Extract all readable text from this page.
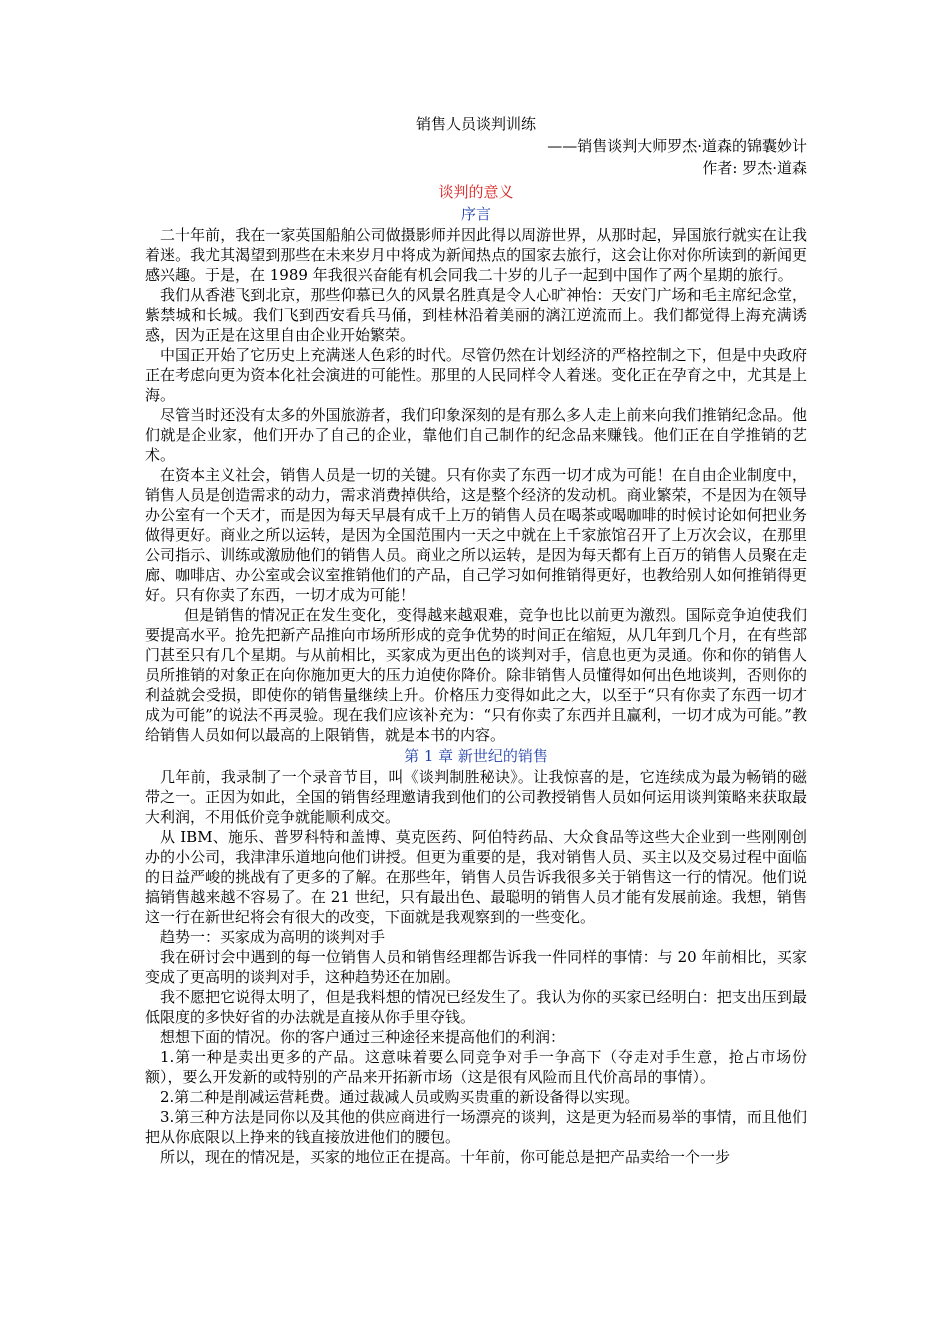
销售人员谈判训练

——销售谈判大师罗杰·道森的锦囊妙计

作者: 罗杰·道森

谈判的意义

序言

二十年前，我在一家英国船舶公司做摄影师并因此得以周游世界，从那时起，异国旅行就实在让我着迷。我尤其渴望到那些在未来岁月中将成为新闻热点的国家去旅行，这会让你对你所读到的新闻更感兴趣。于是，在 1989 年我很兴奋能有机会同我二十岁的儿子一起到中国作了两个星期的旅行。

我们从香港飞到北京，那些仰慕已久的风景名胜真是令人心旷神怡：天安门广场和毛主席纪念堂，紫禁城和长城。我们飞到西安看兵马俑，到桂林沿着美丽的漓江逆流而上。我们都觉得上海充满诱惑，因为正是在这里自由企业开始繁荣。

中国正开始了它历史上充满迷人色彩的时代。尽管仍然在计划经济的严格控制之下，但是中央政府正在考虑向更为资本化社会演进的可能性。那里的人民同样令人着迷。变化正在孕育之中，尤其是上海。

尽管当时还没有太多的外国旅游者，我们印象深刻的是有那么多人走上前来向我们推销纪念品。他们就是企业家，他们开办了自己的企业，靠他们自己制作的纪念品来赚钱。他们正在自学推销的艺术。

在资本主义社会，销售人员是一切的关键。只有你卖了东西一切才成为可能！在自由企业制度中，销售人员是创造需求的动力，需求消费掉供给，这是整个经济的发动机。商业繁荣，不是因为在领导办公室有一个天才，而是因为每天早晨有成千上万的销售人员在喝茶或喝咖啡的时候讨论如何把业务做得更好。商业之所以运转，是因为全国范围内一天之中就在上千家旅馆召开了上万次会议，在那里公司指示、训练或激励他们的销售人员。商业之所以运转，是因为每天都有上百万的销售人员聚在走廊、咖啡店、办公室或会议室推销他们的产品，自己学习如何推销得更好，也教给别人如何推销得更好。只有你卖了东西，一切才成为可能！

但是销售的情况正在发生变化，变得越来越艰难，竞争也比以前更为激烈。国际竞争迫使我们要提高水平。抢先把新产品推向市场所形成的竞争优势的时间正在缩短，从几年到几个月，在有些部门甚至只有几个星期。与从前相比，买家成为更出色的谈判对手，信息也更为灵通。你和你的销售人员所推销的对象正在向你施加更大的压力迫使你降价。除非销售人员懂得如何出色地谈判，否则你的利益就会受损，即使你的销售量继续上升。价格压力变得如此之大，以至于“只有你卖了东西一切才成为可能”的说法不再灵验。现在我们应该补充为：“只有你卖了东西并且赢利，一切才成为可能。”教给销售人员如何以最高的上限销售，就是本书的内容。

第 1 章 新世纪的销售

几年前，我录制了一个录音节目，叫《谈判制胜秘诀》。让我惊喜的是，它连续成为最为畅销的磁带之一。正因为如此，全国的销售经理邀请我到他们的公司教授销售人员如何运用谈判策略来获取最大利润，不用低价竞争就能顺利成交。

从 IBM、施乐、普罗科特和盖博、莫克医药、阿伯特药品、大众食品等这些大企业到一些刚刚创办的小公司，我津津乐道地向他们讲授。但更为重要的是，我对销售人员、买主以及交易过程中面临的日益严峻的挑战有了更多的了解。在那些年，销售人员告诉我很多关于销售这一行的情况。他们说搞销售越来越不容易了。在 21 世纪，只有最出色、最聪明的销售人员才能有发展前途。我想，销售这一行在新世纪将会有很大的改变，下面就是我观察到的一些变化。

趋势一：买家成为高明的谈判对手

我在研讨会中遇到的每一位销售人员和销售经理都告诉我一件同样的事情：与 20 年前相比，买家变成了更高明的谈判对手，这种趋势还在加剧。

我不愿把它说得太明了，但是我料想的情况已经发生了。我认为你的买家已经明白：把支出压到最低限度的多快好省的办法就是直接从你手里夺钱。

想想下面的情况。你的客户通过三种途径来提高他们的利润：

1.第一种是卖出更多的产品。这意味着要么同竞争对手一争高下（夺走对手生意，抢占市场份额），要么开发新的或特别的产品来开拓新市场（这是很有风险而且代价高昂的事情）。

2.第二种是削减运营耗费。通过裁减人员或购买贵重的新设备得以实现。

3.第三种方法是同你以及其他的供应商进行一场漂亮的谈判，这是更为轻而易举的事情，而且他们把从你底限以上挣来的钱直接放进他们的腰包。

所以，现在的情况是，买家的地位正在提高。十年前，你可能总是把产品卖给一个一步
